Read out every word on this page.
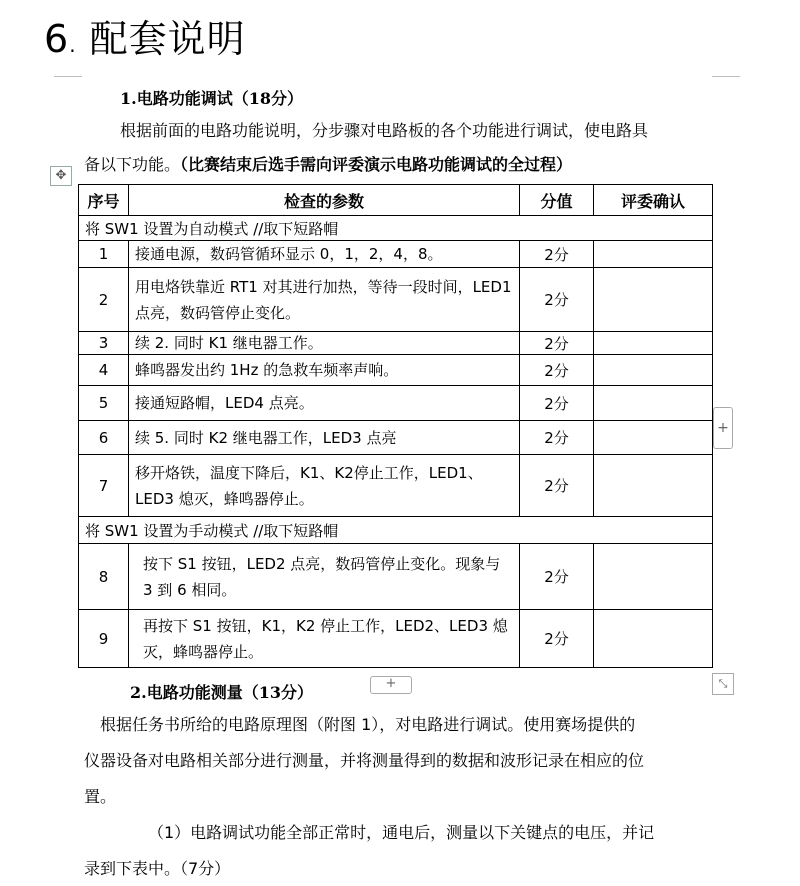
6. 配套说明
1.电路功能调试（18分）
根据前面的电路功能说明，分步骤对电路板的各个功能进行调试，使电路具
备以下功能。（比赛结束后选手需向评委演示电路功能调试的全过程）
✥
序号	检查的参数	分值	评委确认
将 SW1 设置为自动模式 //取下短路帽			
1	接通电源，数码管循环显示 0，1，2，4，8。	2分	
2	用电烙铁靠近 RT1 对其进行加热，等待一段时间，LED1点亮，数码管停止变化。	2分	
3	续 2. 同时 K1 继电器工作。	2分	
4	蜂鸣器发出约 1Hz 的急救车频率声响。	2分	
5	接通短路帽，LED4 点亮。	2分	
6	续 5. 同时 K2 继电器工作，LED3 点亮	2分	
7	移开烙铁，温度下降后，K1、K2停止工作，LED1、LED3 熄灭，蜂鸣器停止。	2分	
将 SW1 设置为手动模式 //取下短路帽			
8	按下 S1 按钮，LED2 点亮，数码管停止变化。现象与 3 到 6 相同。	2分	
9	再按下 S1 按钮，K1，K2 停止工作，LED2、LED3 熄灭，蜂鸣器停止。	2分	
+
+	⤡
2.电路功能测量（13分）
根据任务书所给的电路原理图（附图 1），对电路进行调试。使用赛场提供的
仪器设备对电路相关部分进行测量，并将测量得到的数据和波形记录在相应的位
置。
（1）电路调试功能全部正常时，通电后，测量以下关键点的电压，并记
录到下表中。（7分）
